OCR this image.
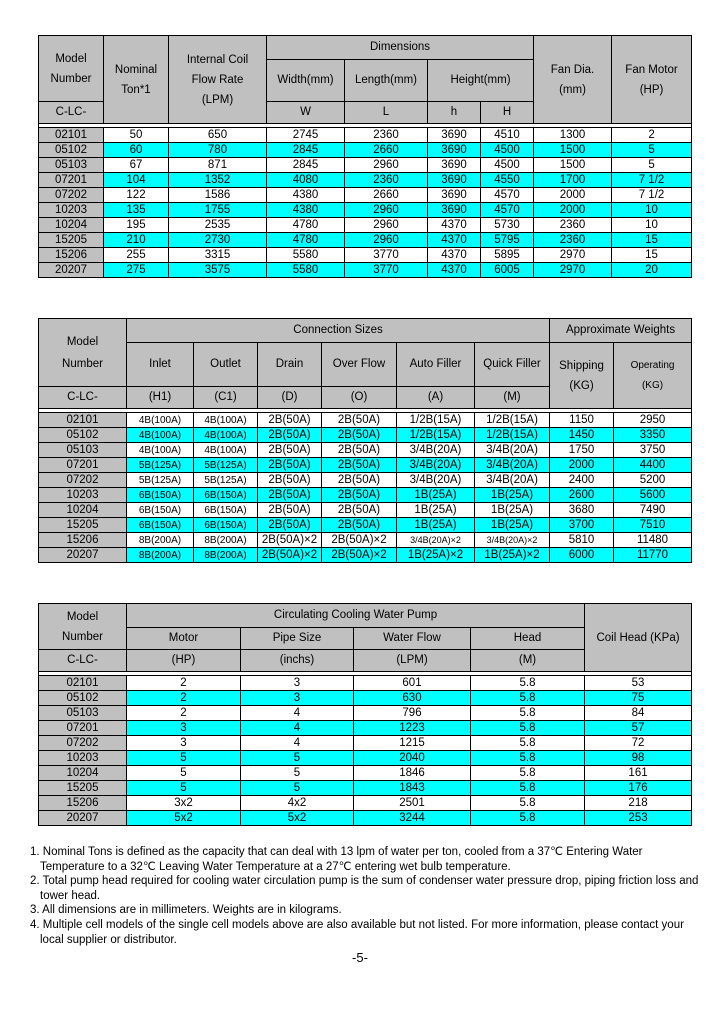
Model Number	Nominal Ton*1	Internal Coil Flow Rate (LPM)	Dimensions				Fan Dia. (mm)	Fan Motor (HP)
			Width(mm)	Length(mm)	Height(mm)			

C-LC-			W	L	h	H		

02101	50	650	2745	2360	3690	4510	1300	2
05102	60	780	2845	2660	3690	4500	1500	5
05103	67	871	2845	2960	3690	4500	1500	5
07201	104	1352	4080	2360	3690	4550	1700	7 1/2
07202	122	1586	4380	2660	3690	4570	2000	7 1/2
10203	135	1755	4380	2960	3690	4570	2000	10
10204	195	2535	4780	2960	4370	5730	2360	10
15205	210	2730	4780	2960	4370	5795	2360	15
15206	255	3315	5580	3770	4370	5895	2970	15
20207	275	3575	5580	3770	4370	6005	2970	20
Model Number	Connection Sizes						Approximate Weights	
	Inlet	Outlet	Drain	Over Flow	Auto Filler	Quick Filler	Shipping (KG)	Operating (KG)
C-LC-	(H1)	(C1)	(D)	(O)	(A)	(M)		

02101	4B(100A)	4B(100A)	2B(50A)	2B(50A)	1/2B(15A)	1/2B(15A)	1150	2950
05102	4B(100A)	4B(100A)	2B(50A)	2B(50A)	1/2B(15A)	1/2B(15A)	1450	3350
05103	4B(100A)	4B(100A)	2B(50A)	2B(50A)	3/4B(20A)	3/4B(20A)	1750	3750
07201	5B(125A)	5B(125A)	2B(50A)	2B(50A)	3/4B(20A)	3/4B(20A)	2000	4400
07202	5B(125A)	5B(125A)	2B(50A)	2B(50A)	3/4B(20A)	3/4B(20A)	2400	5200
10203	6B(150A)	6B(150A)	2B(50A)	2B(50A)	1B(25A)	1B(25A)	2600	5600
10204	6B(150A)	6B(150A)	2B(50A)	2B(50A)	1B(25A)	1B(25A)	3680	7490
15205	6B(150A)	6B(150A)	2B(50A)	2B(50A)	1B(25A)	1B(25A)	3700	7510
15206	8B(200A)	8B(200A)	2B(50A)×2	2B(50A)×2	3/4B(20A)×2	3/4B(20A)×2	5810	11480
20207	8B(200A)	8B(200A)	2B(50A)×2	2B(50A)×2	1B(25A)×2	1B(25A)×2	6000	11770
Model Number	Circulating Cooling Water Pump				Coil Head (KPa)
	Motor	Pipe Size	Water Flow	Head	
C-LC-	(HP)	(inchs)	(LPM)	(M)	

02101	2	3	601	5.8	53
05102	2	3	630	5.8	75
05103	2	4	796	5.8	84
07201	3	4	1223	5.8	57
07202	3	4	1215	5.8	72
10203	5	5	2040	5.8	98
10204	5	5	1846	5.8	161
15205	5	5	1843	5.8	176
15206	3x2	4x2	2501	5.8	218
20207	5x2	5x2	3244	5.8	253
1. Nominal Tons is defined as the capacity that can deal with 13 lpm of water per ton, cooled from a 37℃ Entering Water Temperature to a 32℃ Leaving Water Temperature at a 27℃ entering wet bulb temperature.
2. Total pump head required for cooling water circulation pump is the sum of condenser water pressure drop, piping friction loss and tower head.
3. All dimensions are in millimeters. Weights are in kilograms.
4. Multiple cell models of the single cell models above are also available but not listed. For more information, please contact your local supplier or distributor.
-5-
